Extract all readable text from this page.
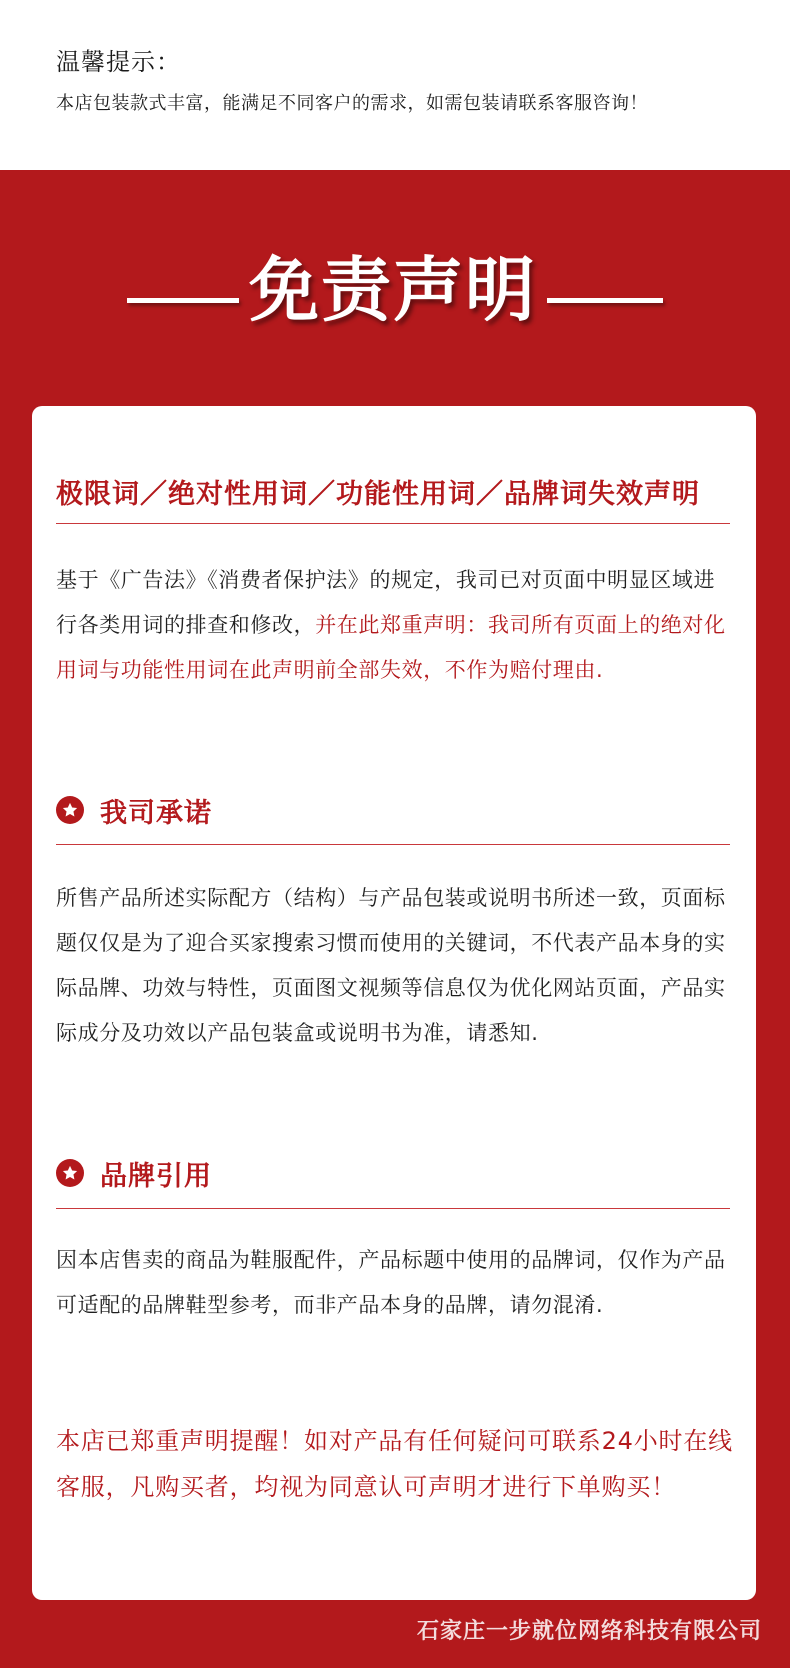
温馨提示：
本店包装款式丰富，能满足不同客户的需求，如需包装请联系客服咨询！
免责声明
极限词／绝对性用词／功能性用词／品牌词失效声明
基于《广告法》《消费者保护法》的规定，我司已对页面中明显区域进行各类用词的排查和修改，并在此郑重声明：我司所有页面上的绝对化用词与功能性用词在此声明前全部失效，不作为赔付理由.
我司承诺
所售产品所述实际配方（结构）与产品包装或说明书所述一致，页面标题仅仅是为了迎合买家搜索习惯而使用的关键词，不代表产品本身的实际品牌、功效与特性，页面图文视频等信息仅为优化网站页面，产品实际成分及功效以产品包装盒或说明书为准，请悉知.
品牌引用
因本店售卖的商品为鞋服配件，产品标题中使用的品牌词，仅作为产品可适配的品牌鞋型参考，而非产品本身的品牌，请勿混淆.
本店已郑重声明提醒！如对产品有任何疑问可联系24小时在线客服，凡购买者，均视为同意认可声明才进行下单购买！
石家庄一步就位网络科技有限公司
